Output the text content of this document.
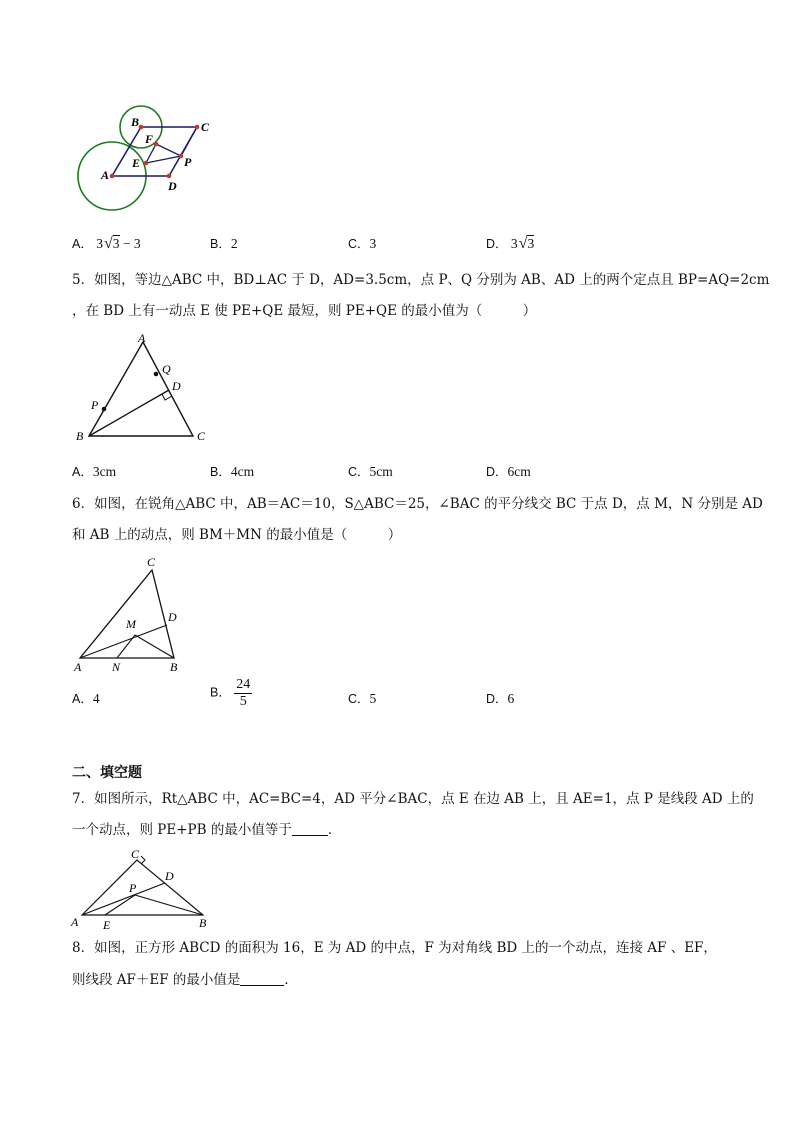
A
B	C
D
E
F
P
A． 3√3 − 3	B．2	C．3	D． 3√3
5．如图，等边△ABC 中，BD⊥AC 于 D，AD=3.5cm，点 P、Q 分别为 AB、AD 上的两个定点且 BP=AQ=2cm
，在 BD 上有一动点 E 使 PE+QE 最短，则 PE+QE 的最小值为（　　　）
A
B	C
D
P
Q
A．3cm	B．4cm	C．5cm	D．6cm
6．如图，在锐角△ABC 中，AB＝AC＝10，S△ABC＝25，∠BAC 的平分线交 BC 于点 D，点 M，N 分别是 AD
和 AB 上的动点，则 BM＋MN 的最小值是（　　　）
C
D
M
A	N	B
A．4	B． $\frac{24}{5}$	C．5	D．6
二、填空题
7．如图所示，Rt△ABC 中，AC=BC=4，AD 平分∠BAC，点 E 在边 AB 上，且 AE=1，点 P 是线段 AD 上的
一个动点，则 PE+PB 的最小值等于	．
C
D
P
A E	B
8．如图，正方形 ABCD 的面积为 16，E 为 AD 的中点，F 为对角线 BD 上的一个动点，连接 AF 、EF，
则线段 AF＋EF 的最小值是	．
